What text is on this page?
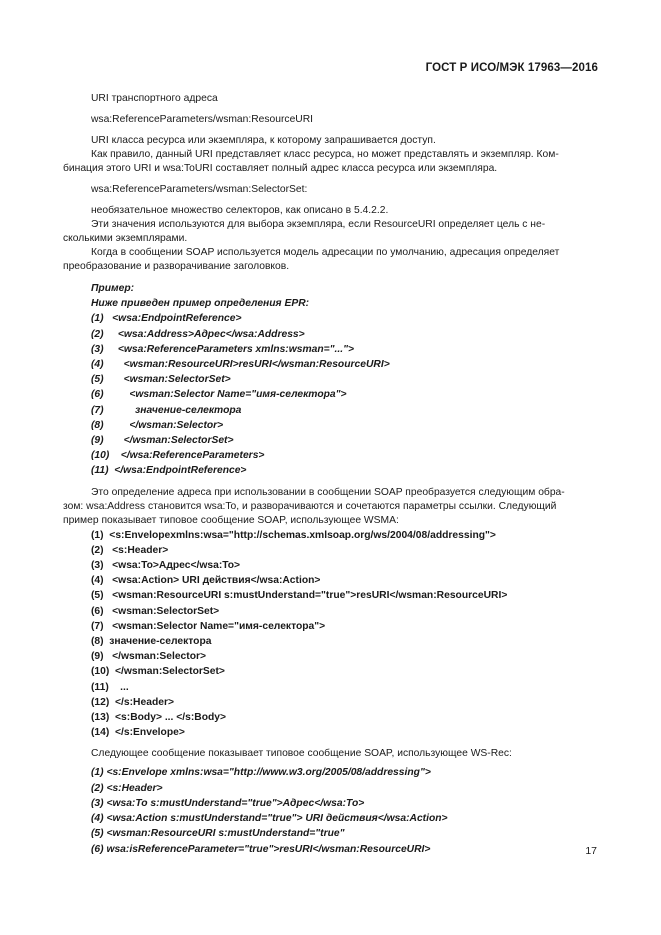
ГОСТ Р ИСО/МЭК 17963—2016

URI транспортного адреса

wsa:ReferenceParameters/wsman:ResourceURI

URI класса ресурса или экземпляра, к которому запрашивается доступ.

Как правило, данный URI представляет класс ресурса, но может представлять и экземпляр. Ком-

бинация этого URI и wsa:ToURI составляет полный адрес класса ресурса или экземпляра.

wsa:ReferenceParameters/wsman:SelectorSet:

необязательное множество селекторов, как описано в 5.4.2.2.

Эти значения используются для выбора экземпляра, если ResourceURI определяет цель с не-

сколькими экземплярами.

Когда в сообщении SOAP используется модель адресации по умолчанию, адресация определяет

преобразование и разворачивание заголовков.

Пример:

Ниже приведен пример определения EPR:

(1)   <wsa:EndpointReference>

(2)     <wsa:Address>Адрес</wsa:Address>

(3)     <wsa:ReferenceParameters xmlns:wsman="...">

(4)       <wsman:ResourceURI>resURI</wsman:ResourceURI>

(5)       <wsman:SelectorSet>

(6)         <wsman:Selector Name="имя-селектора">

(7)           значение-селектора

(8)         </wsman:Selector>

(9)       </wsman:SelectorSet>

(10)    </wsa:ReferenceParameters>

(11)  </wsa:EndpointReference>

Это определение адреса при использовании в сообщении SOAP преобразуется следующим обра-

зом: wsa:Address становится wsa:To, и разворачиваются и сочетаются параметры ссылки. Следующий

пример показывает типовое сообщение SOAP, использующее WSMA:

(1)  <s:Envelopexmlns:wsa="http://schemas.xmlsoap.org/ws/2004/08/addressing">

(2)   <s:Header>

(3)   <wsa:To>Адрес</wsa:To>

(4)   <wsa:Action> URI действия</wsa:Action>

(5)   <wsman:ResourceURI s:mustUnderstand="true">resURI</wsman:ResourceURI>

(6)   <wsman:SelectorSet>

(7)   <wsman:Selector Name="имя-селектора">

(8)  значение-селектора

(9)   </wsman:Selector>

(10)  </wsman:SelectorSet>

(11)    ...

(12)  </s:Header>

(13)  <s:Body> ... </s:Body>

(14)  </s:Envelope>

Следующее сообщение показывает типовое сообщение SOAP, использующее WS-Rec:

(1) <s:Envelope xmlns:wsa="http://www.w3.org/2005/08/addressing">

(2) <s:Header>

(3) <wsa:To s:mustUnderstand="true">Адрес</wsa:To>

(4) <wsa:Action s:mustUnderstand="true"> URI действия</wsa:Action>

(5) <wsman:ResourceURI s:mustUnderstand="true"

(6) wsa:isReferenceParameter="true">resURI</wsman:ResourceURI>	17
